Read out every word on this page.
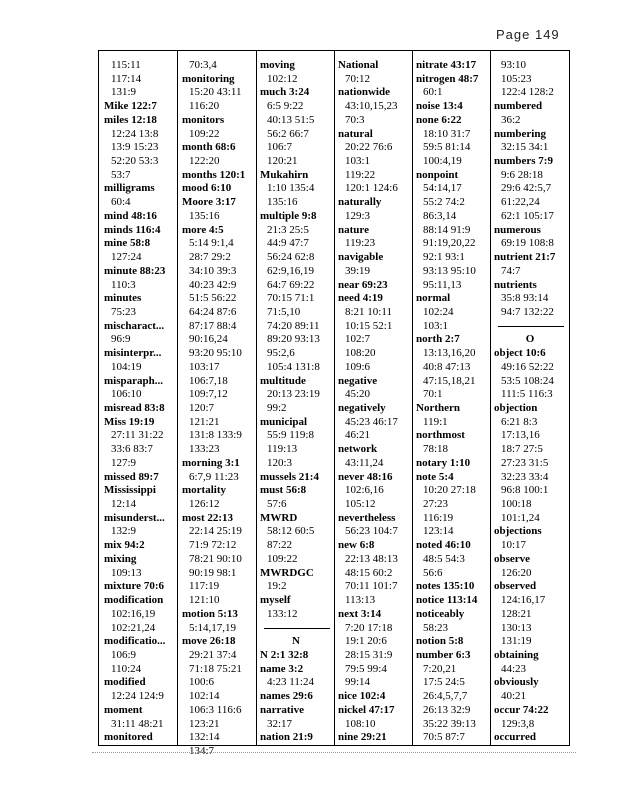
Page 149
115:11
117:14
131:9
Mike 122:7
miles 12:18
12:24 13:8
13:9 15:23
52:20 53:3
53:7
milligrams
60:4
mind 48:16
minds 116:4
mine 58:8
127:24
minute 88:23
110:3
minutes
75:23
mischaract...
96:9
misinterpr...
104:19
misparaph...
106:10
misread 83:8
Miss 19:19
27:11 31:22
33:6 83:7
127:9
missed 89:7
Mississippi
12:14
misunderst...
132:9
mix 94:2
mixing
109:13
mixture 70:6
modification
102:16,19
102:21,24
modificatio...
106:9
110:24
modified
12:24 124:9
moment
31:11 48:21
monitored
70:3,4
monitoring
15:20 43:11
116:20
monitors
109:22
month 68:6
122:20
months 120:1
mood 6:10
Moore 3:17
135:16
more 4:5
5:14 9:1,4
28:7 29:2
34:10 39:3
40:23 42:9
51:5 56:22
64:24 87:6
87:17 88:4
90:16,24
93:20 95:10
103:17
106:7,18
109:7,12
120:7
121:21
131:8 133:9
133:23
morning 3:1
6:7,9 11:23
mortality
126:12
most 22:13
22:14 25:19
71:9 72:12
78:21 90:10
90:19 98:1
117:19
121:10
motion 5:13
5:14,17,19
move 26:18
29:21 37:4
71:18 75:21
100:6
102:14
106:3 116:6
123:21
132:14
134:7
moving
102:12
much 3:24
6:5 9:22
40:13 51:5
56:2 66:7
106:7
120:21
Mukahirn
1:10 135:4
135:16
multiple 9:8
21:3 25:5
44:9 47:7
56:24 62:8
62:9,16,19
64:7 69:22
70:15 71:1
71:5,10
74:20 89:11
89:20 93:13
95:2,6
105:4 131:8
multitude
20:13 23:19
99:2
municipal
55:9 119:8
119:13
120:3
mussels 21:4
must 56:8
57:6
MWRD
58:12 60:5
87:22
109:22
MWRDGC
19:2
myself
133:12
N
N 2:1 32:8
name 3:2
4:23 11:24
names 29:6
narrative
32:17
nation 21:9
National
70:12
nationwide
43:10,15,23
70:3
natural
20:22 76:6
103:1
119:22
120:1 124:6
naturally
129:3
nature
119:23
navigable
39:19
near 69:23
need 4:19
8:21 10:11
10:15 52:1
102:7
108:20
109:6
negative
45:20
negatively
45:23 46:17
46:21
network
43:11,24
never 48:16
102:6,16
105:12
nevertheless
56:23 104:7
new 6:8
22:13 48:13
48:15 60:2
70:11 101:7
113:13
next 3:14
7:20 17:18
19:1 20:6
28:15 31:9
79:5 99:4
99:14
nice 102:4
nickel 47:17
108:10
nine 29:21
nitrate 43:17
nitrogen 48:7
60:1
noise 13:4
none 6:22
18:10 31:7
59:5 81:14
100:4,19
nonpoint
54:14,17
55:2 74:2
86:3,14
88:14 91:9
91:19,20,22
92:1 93:1
93:13 95:10
95:11,13
normal
102:24
103:1
north 2:7
13:13,16,20
40:8 47:13
47:15,18,21
70:1
Northern
119:1
northmost
78:18
notary 1:10
note 5:4
10:20 27:18
27:23
116:19
123:14
noted 46:10
48:5 54:3
56:6
notes 135:10
notice 113:14
noticeably
58:23
notion 5:8
number 6:3
7:20,21
17:5 24:5
26:4,5,7,7
26:13 32:9
35:22 39:13
70:5 87:7
93:10
105:23
122:4 128:2
numbered
36:2
numbering
32:15 34:1
numbers 7:9
9:6 28:18
29:6 42:5,7
61:22,24
62:1 105:17
numerous
69:19 108:8
nutrient 21:7
74:7
nutrients
35:8 93:14
94:7 132:22
O
object 10:6
49:16 52:22
53:5 108:24
111:5 116:3
objection
6:21 8:3
17:13,16
18:7 27:5
27:23 31:5
32:23 33:4
96:8 100:1
100:18
101:1,24
objections
10:17
observe
126:20
observed
124:16,17
128:21
130:13
131:19
obtaining
44:23
obviously
40:21
occur 74:22
129:3,8
occurred
